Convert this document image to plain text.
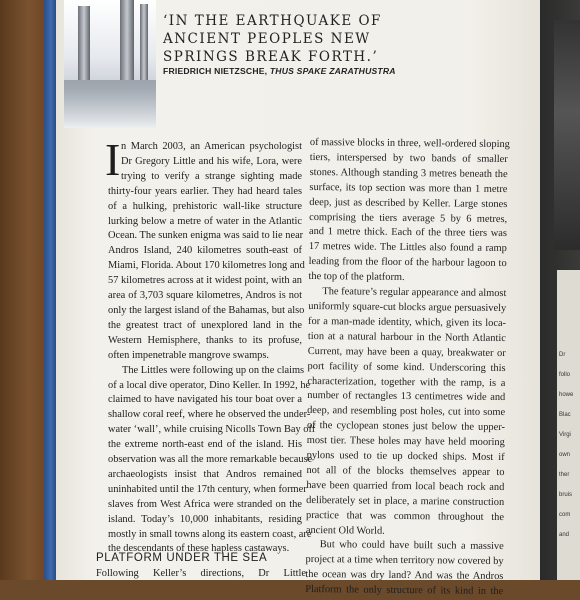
Dr
follo
howe
Blac
Virgi
own
ther
bruis
com
and
‘IN THE EARTHQUAKE OF
ANCIENT PEOPLES NEW
SPRINGS BREAK FORTH.’
FRIEDRICH NIETZSCHE, THUS SPAKE ZARATHUSTRA
I n March 2003, an American psychologist
Dr Gregory Little and his wife, Lora, were
trying to verify a strange sighting made
thirty-four years earlier. They had heard tales
of a hulking, prehistoric wall-like structure
lurking below a metre of water in the Atlantic
Ocean. The sunken enigma was said to lie near
Andros Island, 240 kilometres south-east of
Miami, Florida. About 170 kilometres long and
57 kilometres across at it widest point, with an
area of 3,703 square kilometres, Andros is not
only the largest island of the Bahamas, but also
the greatest tract of unexplored land in the
Western Hemisphere, thanks to its profuse,
often impenetrable mangrove swamps.
The Littles were following up on the claims
of a local dive operator, Dino Keller. In 1992, he
claimed to have navigated his tour boat over a
shallow coral reef, where he observed the under-
water ‘wall’, while cruising Nicolls Town Bay off
the extreme north-east end of the island. His
observation was all the more remarkable because
archaeologists insist that Andros remained
uninhabited until the 17th century, when former
slaves from West Africa were stranded on the
island. Today’s 10,000 inhabitants, residing
mostly in small towns along its eastern coast, are
the descendants of these hapless castaways.
of massive blocks in three, well-ordered sloping
tiers, interspersed by two bands of smaller
stones. Although standing 3 metres beneath the
surface, its top section was more than 1 metre
deep, just as described by Keller. Large stones
comprising the tiers average 5 by 6 metres,
and 1 metre thick. Each of the three tiers was
17 metres wide. The Littles also found a ramp
leading from the floor of the harbour lagoon to
the top of the platform.
The feature’s regular appearance and almost
uniformly square-cut blocks argue persuasively
for a man-made identity, which, given its loca-
tion at a natural harbour in the North Atlantic
Current, may have been a quay, breakwater or
port facility of some kind. Underscoring this
characterization, together with the ramp, is a
number of rectangles 13 centimetres wide and
deep, and resembling post holes, cut into some
of the cyclopean stones just below the upper-
most tier. These holes may have held mooring
pylons used to tie up docked ships. Most if
not all of the blocks themselves appear to
have been quarried from local beach rock and
deliberately set in place, a marine construction
practice that was common throughout the
ancient Old World.
But who could have built such a massive
project at a time when territory now covered by
the ocean was dry land? And was the Andros
Platform the only structure of its kind in the
PLATFORM UNDER THE SEA
Following Keller’s directions, Dr Little
